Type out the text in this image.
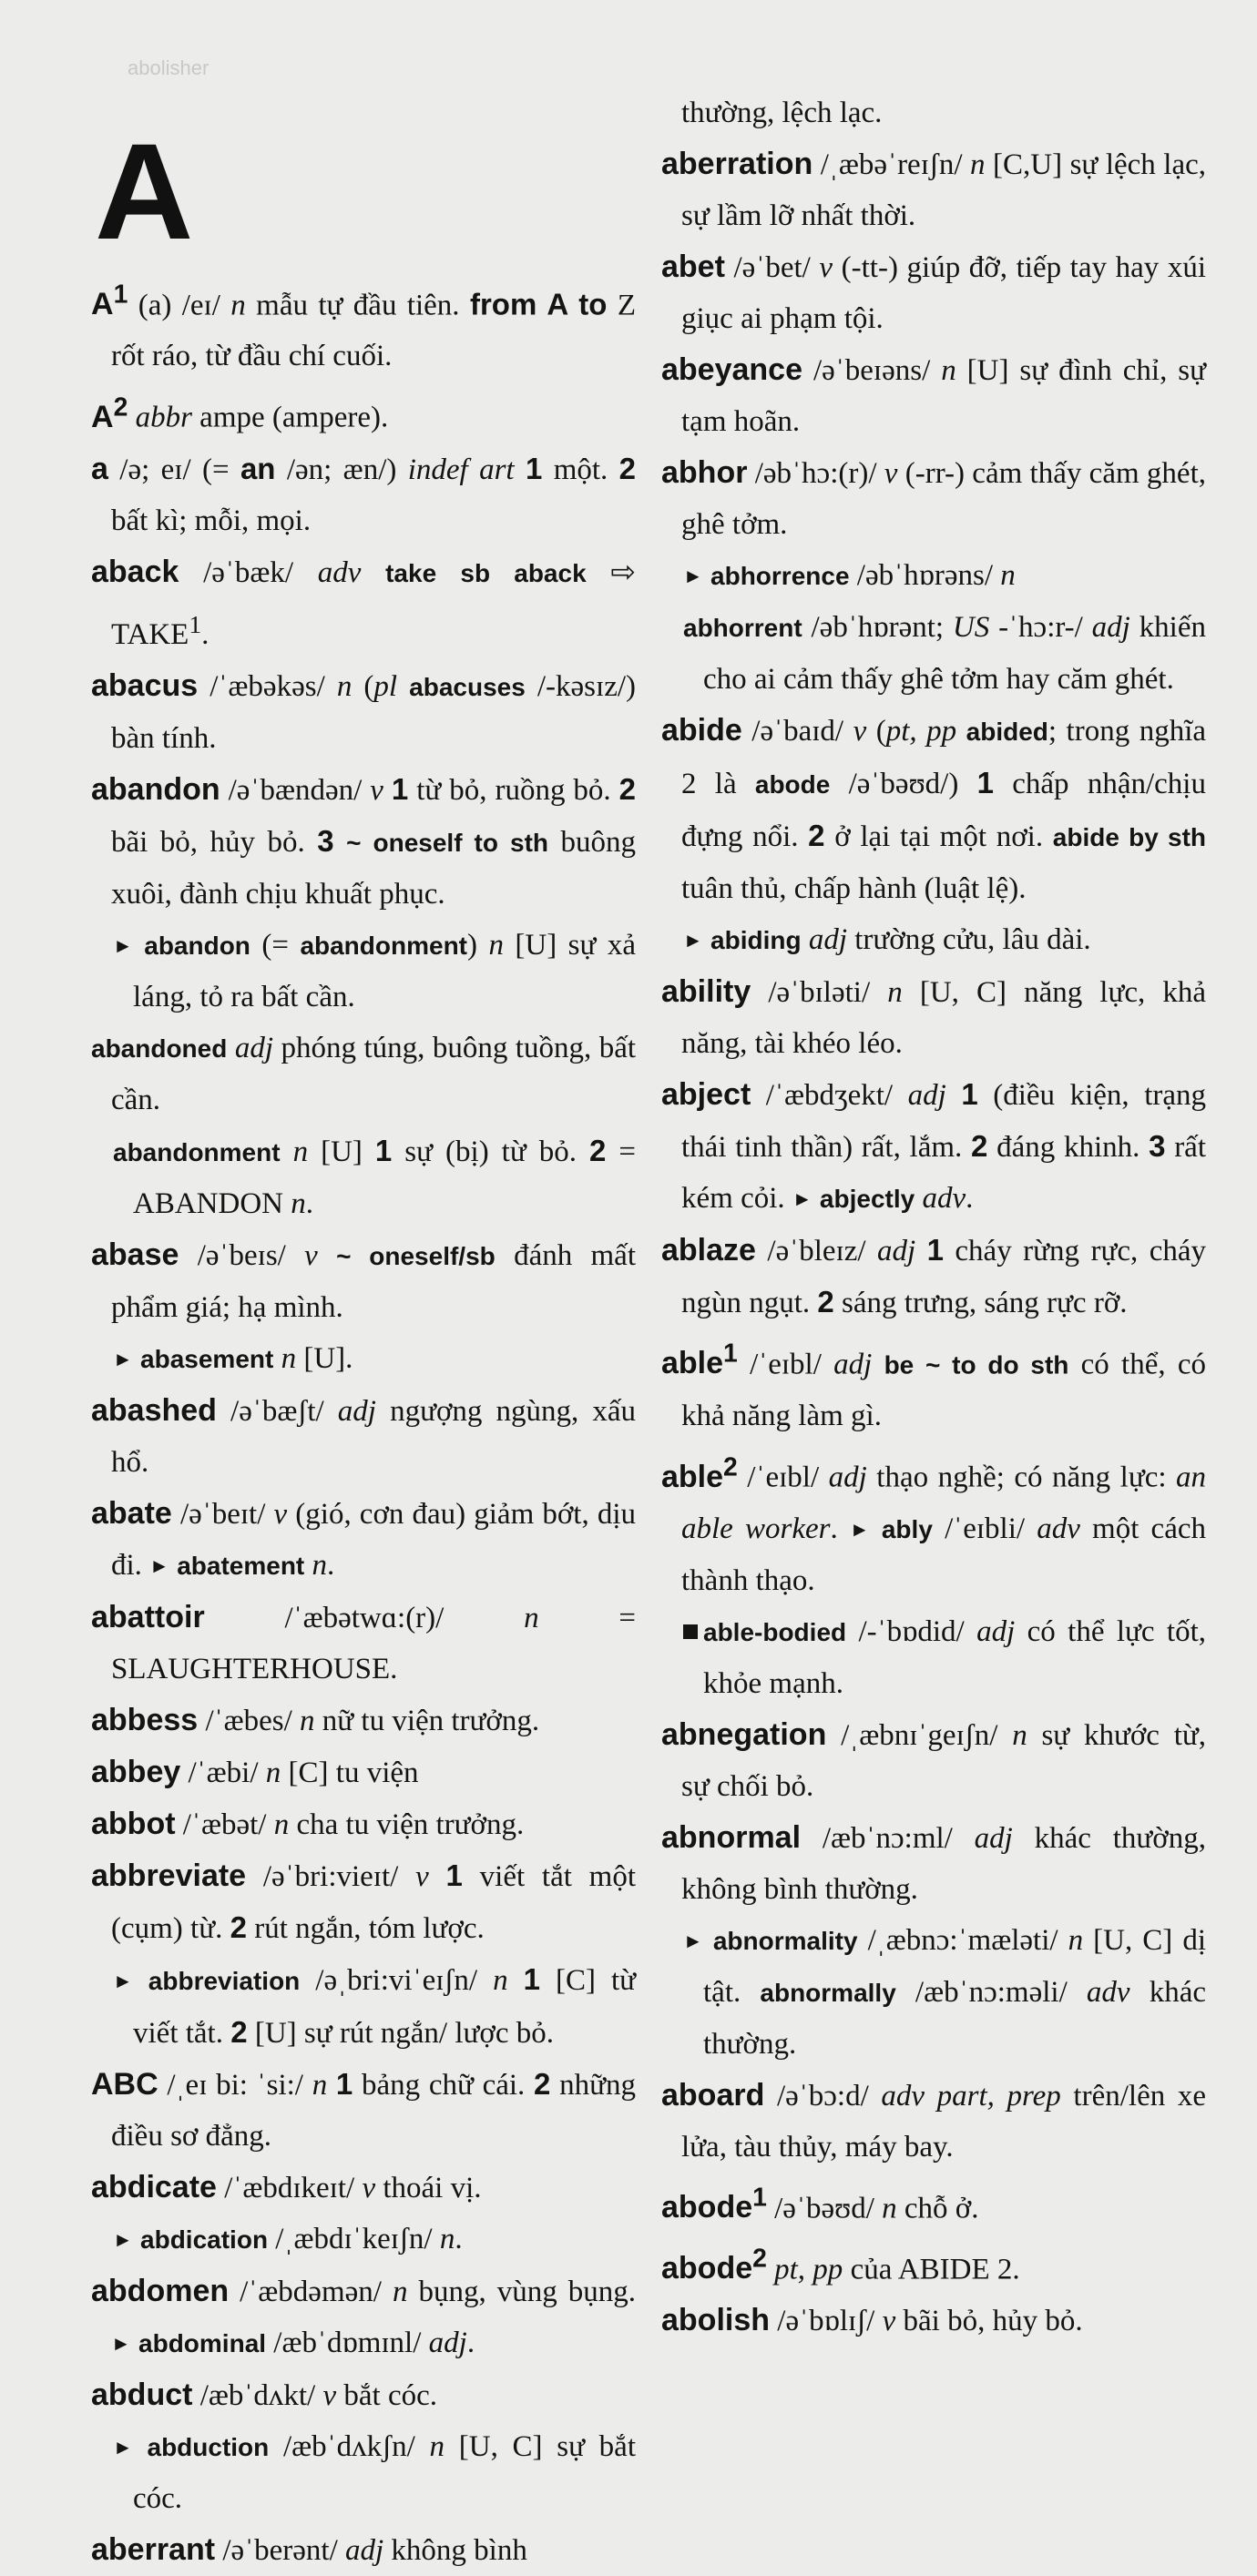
abolisher
A

$A^1$ (a) /eɪ/ n mẫu tự đầu tiên. from A to Z rốt ráo, từ đầu chí cuối.

$A^2$ abbr ampe (ampere).

a /ə; eɪ/ (= an /ən; æn/) indef art 1 một. 2 bất kì; mỗi, mọi.

aback /əˈbæk/ adv take sb aback ⇨ TAKE$^1$.

abacus /ˈæbəkəs/ n (pl abacuses /-kəsɪz/) bàn tính.

abandon /əˈbændən/ v 1 từ bỏ, ruồng bỏ. 2 bãi bỏ, hủy bỏ. 3 ~ oneself to sth buông xuôi, đành chịu khuất phục.

► abandon (= abandonment) n [U] sự xả láng, tỏ ra bất cần.

abandoned adj phóng túng, buông tuồng, bất cần.

abandonment n [U] 1 sự (bị) từ bỏ. 2 = ABANDON n.

abase /əˈbeɪs/ v ~ oneself/sb đánh mất phẩm giá; hạ mình.

► abasement n [U].

abashed /əˈbæʃt/ adj ngượng ngùng, xấu hổ.

abate /əˈbeɪt/ v (gió, cơn đau) giảm bớt, dịu đi. ► abatement n.

abattoir /ˈæbətwɑ:(r)/ n = SLAUGHTERHOUSE.

abbess /ˈæbes/ n nữ tu viện trưởng.

abbey /ˈæbi/ n [C] tu viện

abbot /ˈæbət/ n cha tu viện trưởng.

abbreviate /əˈbri:vieɪt/ v 1 viết tắt một (cụm) từ. 2 rút ngắn, tóm lược.

► abbreviation /əˌbri:viˈeɪʃn/ n 1 [C] từ viết tắt. 2 [U] sự rút ngắn/ lược bỏ.

ABC /ˌeɪ bi: ˈsi:/ n 1 bảng chữ cái. 2 những điều sơ đẳng.

abdicate /ˈæbdɪkeɪt/ v thoái vị.

► abdication /ˌæbdɪˈkeɪʃn/ n.

abdomen /ˈæbdəmən/ n bụng, vùng bụng. ► abdominal /æbˈdɒmɪnl/ adj.

abduct /æbˈdʌkt/ v bắt cóc.

► abduction /æbˈdʌkʃn/ n [U, C] sự bắt cóc.

aberrant /əˈberənt/ adj không bình

thường, lệch lạc.

aberration /ˌæbəˈreɪʃn/ n [C,U] sự lệch lạc, sự lầm lỡ nhất thời.

abet /əˈbet/ v (-tt-) giúp đỡ, tiếp tay hay xúi giục ai phạm tội.

abeyance /əˈbeɪəns/ n [U] sự đình chỉ, sự tạm hoãn.

abhor /əbˈhɔ:(r)/ v (-rr-) cảm thấy căm ghét, ghê tởm.

► abhorrence /əbˈhɒrəns/ n

abhorrent /əbˈhɒrənt; US -ˈhɔ:r-/ adj khiến cho ai cảm thấy ghê tởm hay căm ghét.

abide /əˈbaɪd/ v (pt, pp abided; trong nghĩa 2 là abode /əˈbəʊd/) 1 chấp nhận/chịu đựng nổi. 2 ở lại tại một nơi. abide by sth tuân thủ, chấp hành (luật lệ).

► abiding adj trường cửu, lâu dài.

ability /əˈbɪləti/ n [U, C] năng lực, khả năng, tài khéo léo.

abject /ˈæbdʒekt/ adj 1 (điều kiện, trạng thái tinh thần) rất, lắm. 2 đáng khinh. 3 rất kém cỏi. ► abjectly adv.

ablaze /əˈbleɪz/ adj 1 cháy rừng rực, cháy ngùn ngụt. 2 sáng trưng, sáng rực rỡ.

able$^1$ /ˈeɪbl/ adj be ~ to do sth có thể, có khả năng làm gì.

able$^2$ /ˈeɪbl/ adj thạo nghề; có năng lực: an able worker. ► ably /ˈeɪbli/ adv một cách thành thạo.

able-bodied /-ˈbɒdid/ adj có thể lực tốt, khỏe mạnh.

abnegation /ˌæbnɪˈgeɪʃn/ n sự khước từ, sự chối bỏ.

abnormal /æbˈnɔ:ml/ adj khác thường, không bình thường.

► abnormality /ˌæbnɔ:ˈmæləti/ n [U, C] dị tật. abnormally /æbˈnɔ:məli/ adv khác thường.

aboard /əˈbɔ:d/ adv part, prep trên/lên xe lửa, tàu thủy, máy bay.

abode$^1$ /əˈbəʊd/ n chỗ ở.

abode$^2$ pt, pp của ABIDE 2.

abolish /əˈbɒlɪʃ/ v bãi bỏ, hủy bỏ.
